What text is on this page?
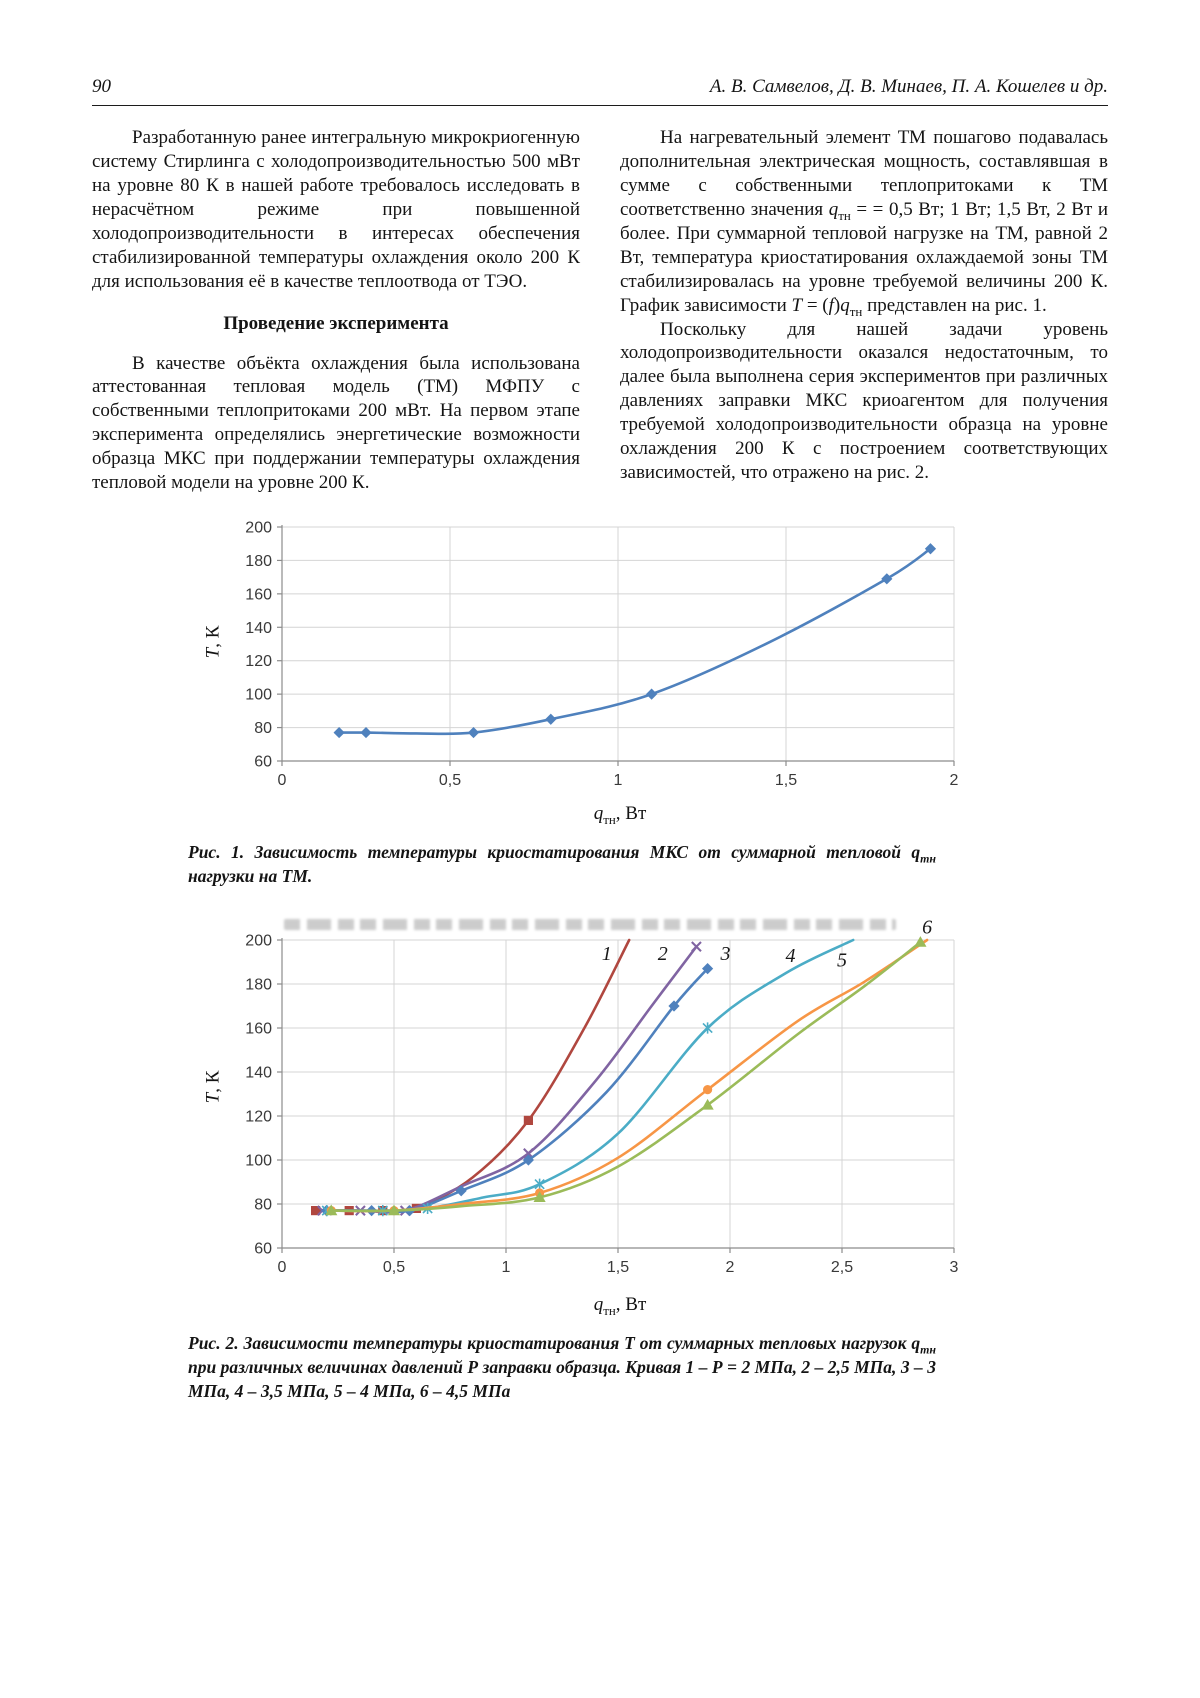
90	А. В. Самвелов, Д. В. Минаев, П. А. Кошелев и др.

Разработанную ранее интегральную микрокриогенную систему Стирлинга с холодопроизводительностью 500 мВт на уровне 80 К в нашей работе требовалось исследовать в нерасчётном режиме при повышенной холодопроизводительности в интересах обеспечения стабилизированной температуры охлаждения около 200 К для использования её в качестве теплоотвода от ТЭО.

Проведение эксперимента

В качестве объёкта охлаждения была использована аттестованная тепловая модель (ТМ) МФПУ с собственными теплопритоками 200 мВт. На первом этапе эксперимента определялись энергетические возможности образца МКС при поддержании температуры охлаждения тепловой модели на уровне 200 К.

На нагревательный элемент ТМ пошагово подавалась дополнительная электрическая мощность, составлявшая в сумме с собственными теплопритоками к ТМ соответственно значения $q_{тн}$ = = 0,5 Вт; 1 Вт; 1,5 Вт, 2 Вт и более. При суммарной тепловой нагрузке на ТМ, равной 2 Вт, температура криостатирования охлаждаемой зоны ТМ стабилизировалась на уровне требуемой величины 200 К. График зависимости $T = (f)q_{тн}$ представлен на рис. 1.

Поскольку для нашей задачи уровень холодопроизводительности оказался недостаточным, то далее была выполнена серия экспериментов при различных давлениях заправки МКС криоагентом для получения требуемой холодопроизводительности образца на уровне охлаждения 200 К с построением соответствующих зависимостей, что отражено на рис. 2.

T, К
60
80
100
120
140
160
180
200
0	0,5	1	1,5	2
$q_{тн}$, Вт
Рис. 1. Зависимость температуры криостатирования МКС от суммарной тепловой $q_{тн}$ нагрузки на ТМ.
T, К
60
80
100
120
140
160
180
200
0	0,5	1	1,5	2	2,5	3
1 2	3	4 5
6
$q_{тн}$, Вт
Рис. 2. Зависимости температуры криостатирования Т от суммарных тепловых нагрузок $q_{тн}$ при различных величинах давлений Р заправки образца. Кривая 1 – Р = 2 МПа, 2 – 2,5 МПа, 3 – 3 МПа, 4 – 3,5 МПа, 5 – 4 МПа, 6 – 4,5 МПа
